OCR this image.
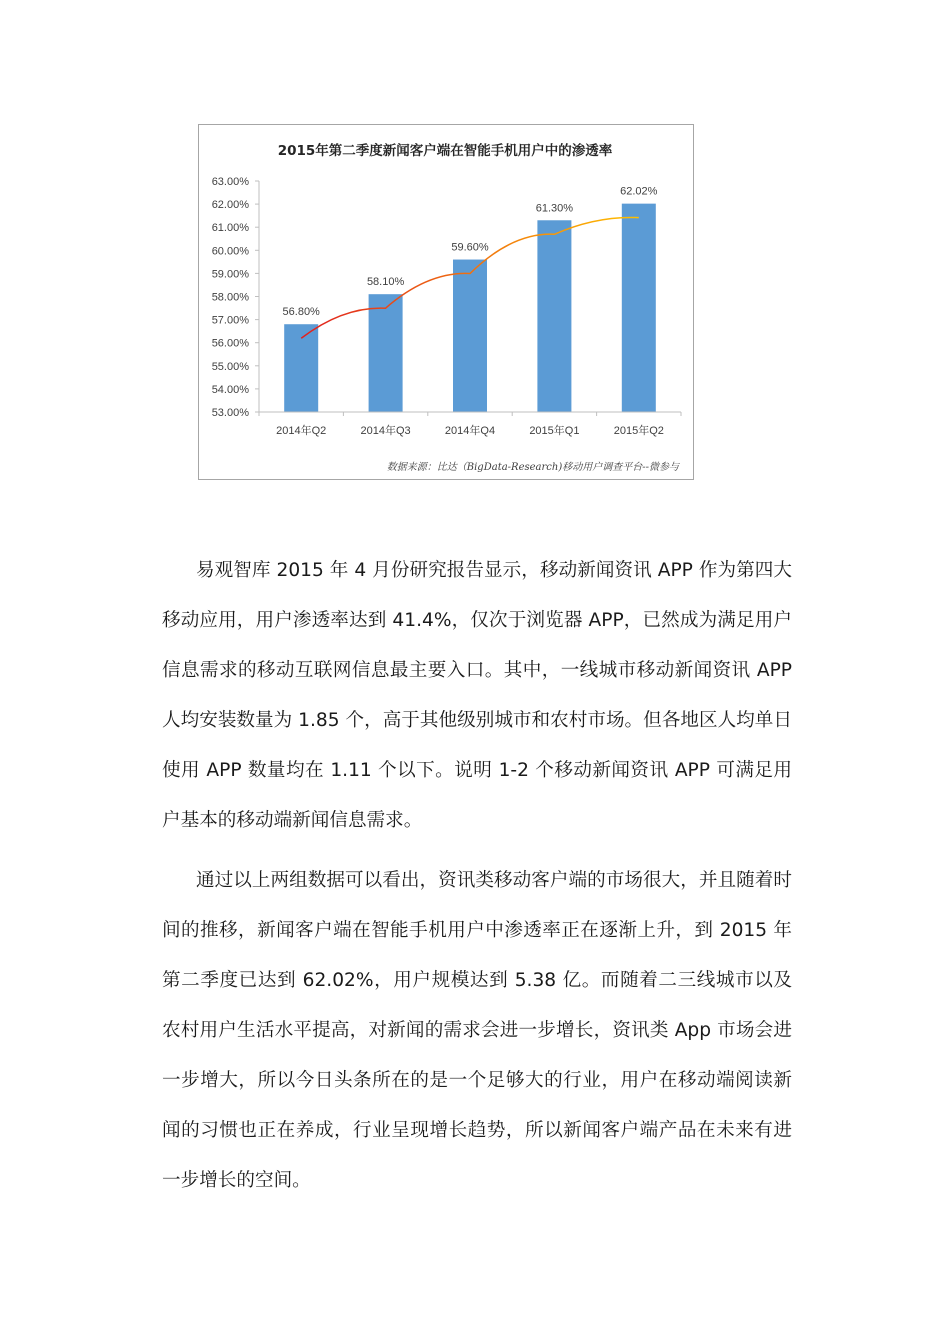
2015年第二季度新闻客户端在智能手机用户中的渗透率
53.00%
54.00%
55.00%
56.00%
57.00%
58.00%
59.00%
60.00%
61.00%
62.00%
63.00%
56.80%
58.10%
59.60%
61.30%
62.02%
2014年Q2	2014年Q3	2014年Q4	2015年Q1	2015年Q2
数据来源：比达（BigData-Research)移动用户调查平台--微参与

易观智库 2015 年 4 月份研究报告显示，移动新闻资讯 APP 作为第四大移动应用，用户渗透率达到 41.4%，仅次于浏览器 APP，已然成为满足用户信息需求的移动互联网信息最主要入口。其中，一线城市移动新闻资讯 APP 人均安装数量为 1.85 个，高于其他级别城市和农村市场。但各地区人均单日使用 APP 数量均在 1.11 个以下。说明 1-2 个移动新闻资讯 APP 可满足用户基本的移动端新闻信息需求。

通过以上两组数据可以看出，资讯类移动客户端的市场很大，并且随着时间的推移，新闻客户端在智能手机用户中渗透率正在逐渐上升，到 2015 年第二季度已达到 62.02%，用户规模达到 5.38 亿。而随着二三线城市以及农村用户生活水平提高，对新闻的需求会进一步增长，资讯类 App 市场会进一步增大，所以今日头条所在的是一个足够大的行业，用户在移动端阅读新闻的习惯也正在养成，行业呈现增长趋势，所以新闻客户端产品在未来有进一步增长的空间。
